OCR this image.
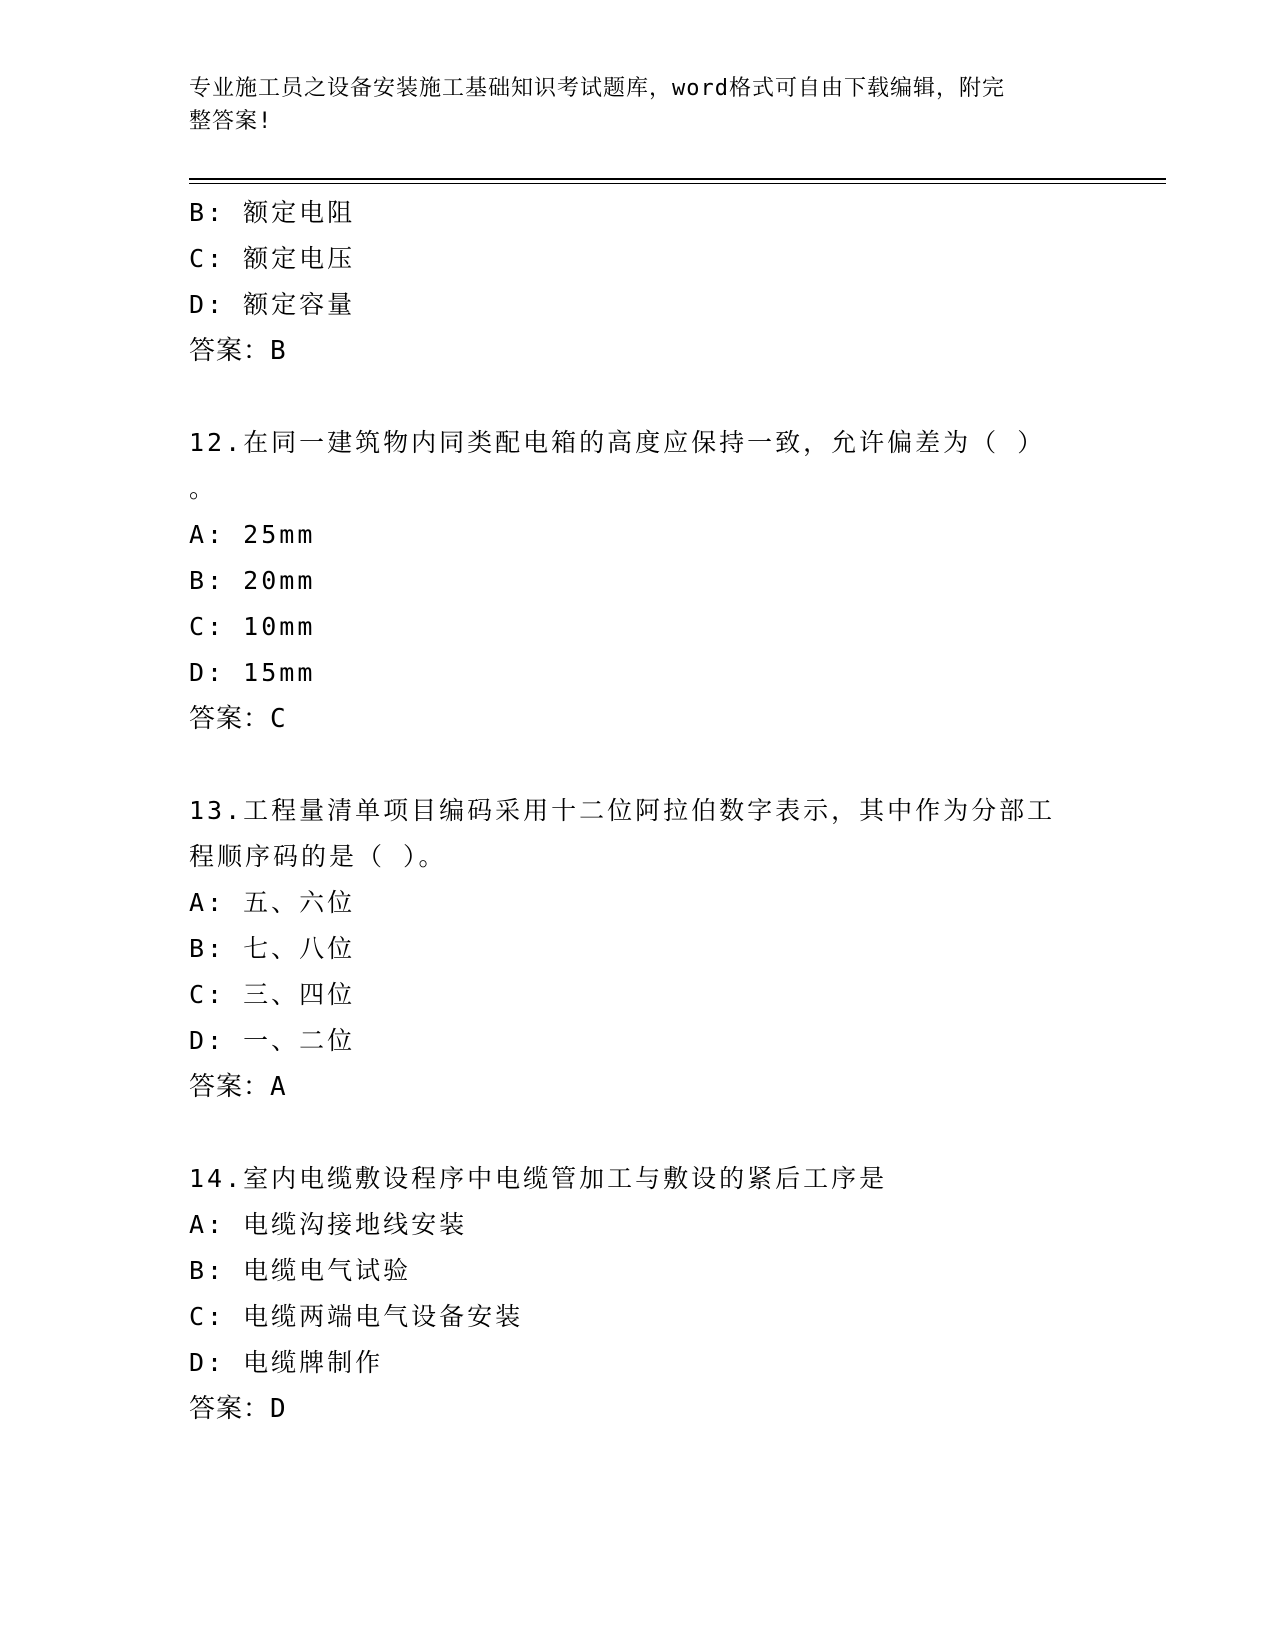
专业施工员之设备安装施工基础知识考试题库，word格式可自由下载编辑，附完
整答案!
B: 额定电阻
C: 额定电压
D: 额定容量
答案：B
12.在同一建筑物内同类配电箱的高度应保持一致，允许偏差为（ ）
。
A: 25mm
B: 20mm
C: 10mm
D: 15mm
答案：C
13.工程量清单项目编码采用十二位阿拉伯数字表示，其中作为分部工
程顺序码的是（ ）。
A: 五、六位
B: 七、八位
C: 三、四位
D: 一、二位
答案：A
14.室内电缆敷设程序中电缆管加工与敷设的紧后工序是
A: 电缆沟接地线安装
B: 电缆电气试验
C: 电缆两端电气设备安装
D: 电缆牌制作
答案：D
